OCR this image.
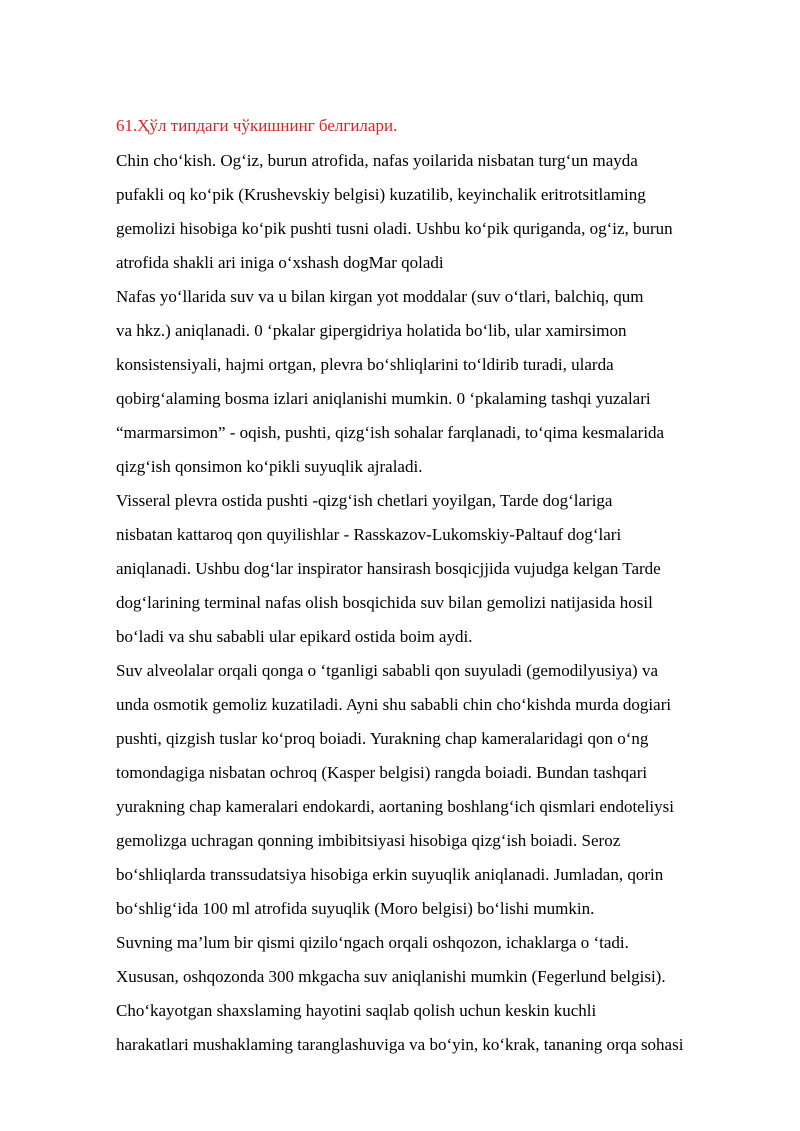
61.Ҳўл типдаги чўкишнинг белгилари.
Chin cho‘kish. Og‘iz, burun atrofida, nafas yoilarida nisbatan turg‘un mayda
pufakli oq ko‘pik (Krushevskiy belgisi) kuzatilib, keyinchalik eritrotsitlaming
gemolizi hisobiga ko‘pik pushti tusni oladi. Ushbu ko‘pik quriganda, og‘iz, burun
atrofida shakli ari iniga o‘xshash dogMar qoladi
Nafas yo‘llarida suv va u bilan kirgan yot moddalar (suv o‘tlari, balchiq, qum
va hkz.) aniqlanadi. 0 ‘pkalar gipergidriya holatida bo‘lib, ular xamirsimon
konsistensiyali, hajmi ortgan, plevra bo‘shliqlarini to‘ldirib turadi, ularda
qobirg‘alaming bosma izlari aniqlanishi mumkin. 0 ‘pkalaming tashqi yuzalari
“marmarsimon” - oqish, pushti, qizg‘ish sohalar farqlanadi, to‘qima kesmalarida
qizg‘ish qonsimon ko‘pikli suyuqlik ajraladi.
Visseral plevra ostida pushti -qizg‘ish chetlari yoyilgan, Tarde dog‘lariga
nisbatan kattaroq qon quyilishlar - Rasskazov-Lukomskiy-Paltauf dog‘lari
aniqlanadi. Ushbu dog‘lar inspirator hansirash bosqicjjida vujudga kelgan Tarde
dog‘larining terminal nafas olish bosqichida suv bilan gemolizi natijasida hosil
bo‘ladi va shu sababli ular epikard ostida boim aydi.
Suv alveolalar orqali qonga o ‘tganligi sababli qon suyuladi (gemodilyusiya) va
unda osmotik gemoliz kuzatiladi. Ayni shu sababli chin cho‘kishda murda dogiari
pushti, qizgish tuslar ko‘proq boiadi. Yurakning chap kameralaridagi qon o‘ng
tomondagiga nisbatan ochroq (Kasper belgisi) rangda boiadi. Bundan tashqari
yurakning chap kameralari endokardi, aortaning boshlang‘ich qismlari endoteliysi
gemolizga uchragan qonning imbibitsiyasi hisobiga qizg‘ish boiadi. Seroz
bo‘shliqlarda transsudatsiya hisobiga erkin suyuqlik aniqlanadi. Jumladan, qorin
bo‘shlig‘ida 100 ml atrofida suyuqlik (Moro belgisi) bo‘lishi mumkin.
Suvning ma’lum bir qismi qizilo‘ngach orqali oshqozon, ichaklarga o ‘tadi.
Xususan, oshqozonda 300 mkgacha suv aniqlanishi mumkin (Fegerlund belgisi).
Cho‘kayotgan shaxslaming hayotini saqlab qolish uchun keskin kuchli
harakatlari mushaklaming taranglashuviga va bo‘yin, ko‘krak, tananing orqa sohasi
